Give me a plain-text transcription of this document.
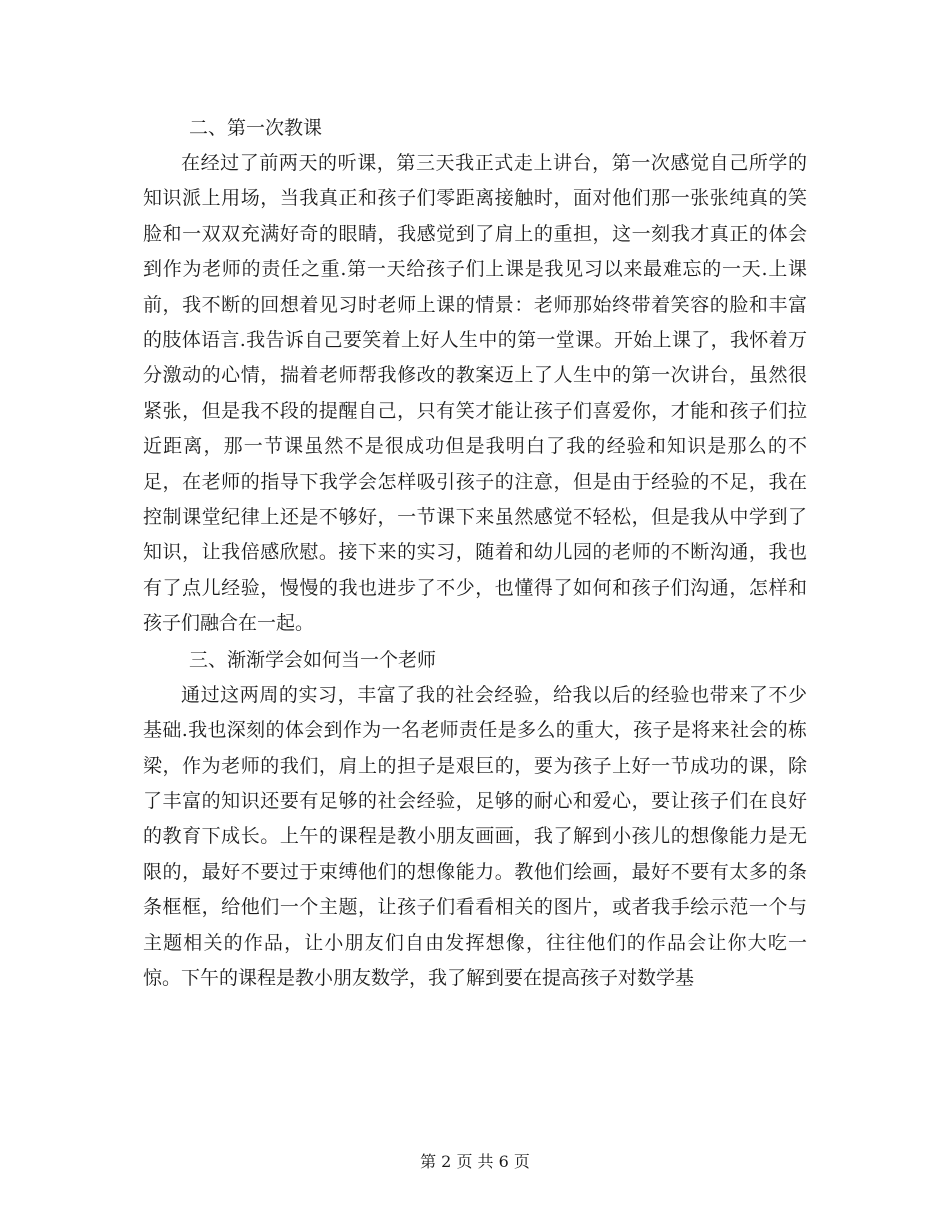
二、第一次教课

在经过了前两天的听课，第三天我正式走上讲台，第一次感觉自己所学的知识派上用场，当我真正和孩子们零距离接触时，面对他们那一张张纯真的笑脸和一双双充满好奇的眼睛，我感觉到了肩上的重担，这一刻我才真正的体会到作为老师的责任之重.第一天给孩子们上课是我见习以来最难忘的一天.上课前，我不断的回想着见习时老师上课的情景：老师那始终带着笑容的脸和丰富的肢体语言.我告诉自己要笑着上好人生中的第一堂课。开始上课了，我怀着万分激动的心情，揣着老师帮我修改的教案迈上了人生中的第一次讲台，虽然很紧张，但是我不段的提醒自己，只有笑才能让孩子们喜爱你，才能和孩子们拉近距离，那一节课虽然不是很成功但是我明白了我的经验和知识是那么的不足，在老师的指导下我学会怎样吸引孩子的注意，但是由于经验的不足，我在控制课堂纪律上还是不够好，一节课下来虽然感觉不轻松，但是我从中学到了知识，让我倍感欣慰。接下来的实习，随着和幼儿园的老师的不断沟通，我也有了点儿经验，慢慢的我也进步了不少，也懂得了如何和孩子们沟通，怎样和孩子们融合在一起。

三、渐渐学会如何当一个老师

通过这两周的实习，丰富了我的社会经验，给我以后的经验也带来了不少基础.我也深刻的体会到作为一名老师责任是多么的重大，孩子是将来社会的栋梁，作为老师的我们，肩上的担子是艰巨的，要为孩子上好一节成功的课，除了丰富的知识还要有足够的社会经验，足够的耐心和爱心，要让孩子们在良好的教育下成长。上午的课程是教小朋友画画，我了解到小孩儿的想像能力是无限的，最好不要过于束缚他们的想像能力。教他们绘画，最好不要有太多的条条框框，给他们一个主题，让孩子们看看相关的图片，或者我手绘示范一个与主题相关的作品，让小朋友们自由发挥想像，往往他们的作品会让你大吃一惊。下午的课程是教小朋友数学，我了解到要在提高孩子对数学基

第 2 页 共 6 页
